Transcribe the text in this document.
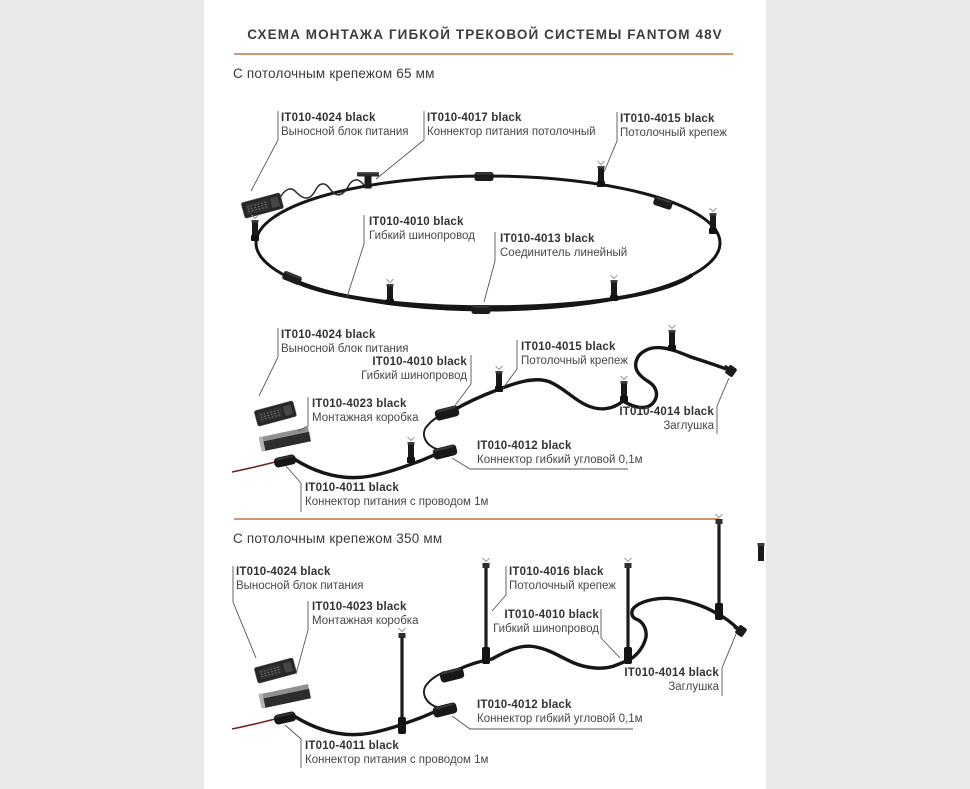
СХЕМА МОНТАЖА ГИБКОЙ ТРЕКОВОЙ СИСТЕМЫ FANTOM 48V
С потолочным крепежом 65 мм
С потолочным крепежом 350 мм
IT010-4024 black
Выносной блок питания
IT010-4017 black
Коннектор питания потолочный
IT010-4015 black
Потолочный крепеж
IT010-4010 black
Гибкий шинопровод IT010-4013 black
Соединитель линейный
IT010-4024 black
Выносной блок питания
IT010-4010 black
Гибкий шинопровод
IT010-4015 black
Потолочный крепеж
IT010-4023 black
Монтажная коробка	IT010-4014 black
Заглушка
IT010-4012 black
Коннектор гибкий угловой 0,1м
IT010-4011 black
Коннектор питания с проводом 1м
IT010-4024 black
Выносной блок питания
IT010-4016 black
Потолочный крепеж
IT010-4023 black
Монтажная коробка	IT010-4010 black
Гибкий шинопровод
IT010-4014 black
Заглушка
IT010-4012 black
Коннектор гибкий угловой 0,1м
IT010-4011 black
Коннектор питания с проводом 1м
